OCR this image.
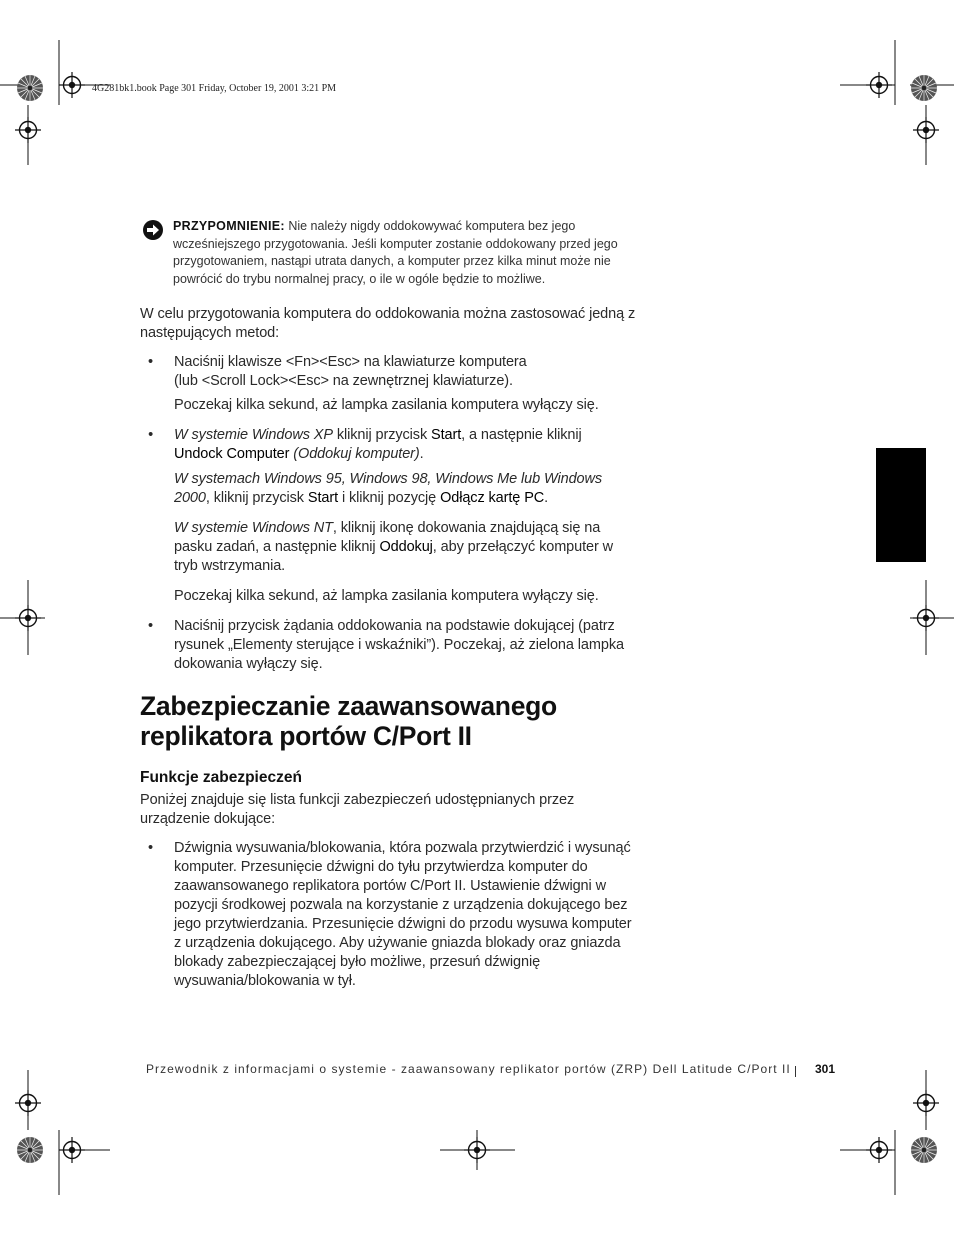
4G281bk1.book Page 301 Friday, October 19, 2001 3:21 PM
PRZYPOMNIENIE: Nie należy nigdy oddokowywać komputera bez jego wcześniejszego przygotowania. Jeśli komputer zostanie oddokowany przed jego przygotowaniem, nastąpi utrata danych, a komputer przez kilka minut może nie powrócić do trybu normalnej pracy, o ile w ogóle będzie to możliwe.

W celu przygotowania komputera do oddokowania można zastosować jedną z następujących metod:

• Naciśnij klawisze <Fn><Esc> na klawiaturze komputera
(lub <Scroll Lock><Esc> na zewnętrznej klawiaturze).
Poczekaj kilka sekund, aż lampka zasilania komputera wyłączy się.
• W systemie Windows XP kliknij przycisk Start, a następnie kliknij
Undock Computer (Oddokuj komputer).
W systemach Windows 95, Windows 98, Windows Me lub Windows 2000, kliknij przycisk Start i kliknij pozycję Odłącz kartę PC.
W systemie Windows NT, kliknij ikonę dokowania znajdującą się na pasku zadań, a następnie kliknij Oddokuj, aby przełączyć komputer w tryb wstrzymania.
Poczekaj kilka sekund, aż lampka zasilania komputera wyłączy się.
• Naciśnij przycisk żądania oddokowania na podstawie dokującej (patrz rysunek „Elementy sterujące i wskaźniki”). Poczekaj, aż zielona lampka dokowania wyłączy się.
Zabezpieczanie zaawansowanego
replikatora portów C/Port II
Funkcje zabezpieczeń

Poniżej znajduje się lista funkcji zabezpieczeń udostępnianych przez urządzenie dokujące:

• Dźwignia wysuwania/blokowania, która pozwala przytwierdzić i wysunąć komputer. Przesunięcie dźwigni do tyłu przytwierdza komputer do zaawansowanego replikatora portów C/Port II. Ustawienie dźwigni w pozycji środkowej pozwala na korzystanie z urządzenia dokującego bez jego przytwierdzania. Przesunięcie dźwigni do przodu wysuwa komputer z urządzenia dokującego. Aby używanie gniazda blokady oraz gniazda blokady zabezpieczającej było możliwe, przesuń dźwignię wysuwania/blokowania w tył.
Przewodnik z informacjami o systemie - zaawansowany replikator portów (ZRP) Dell Latitude C/Port II 301
